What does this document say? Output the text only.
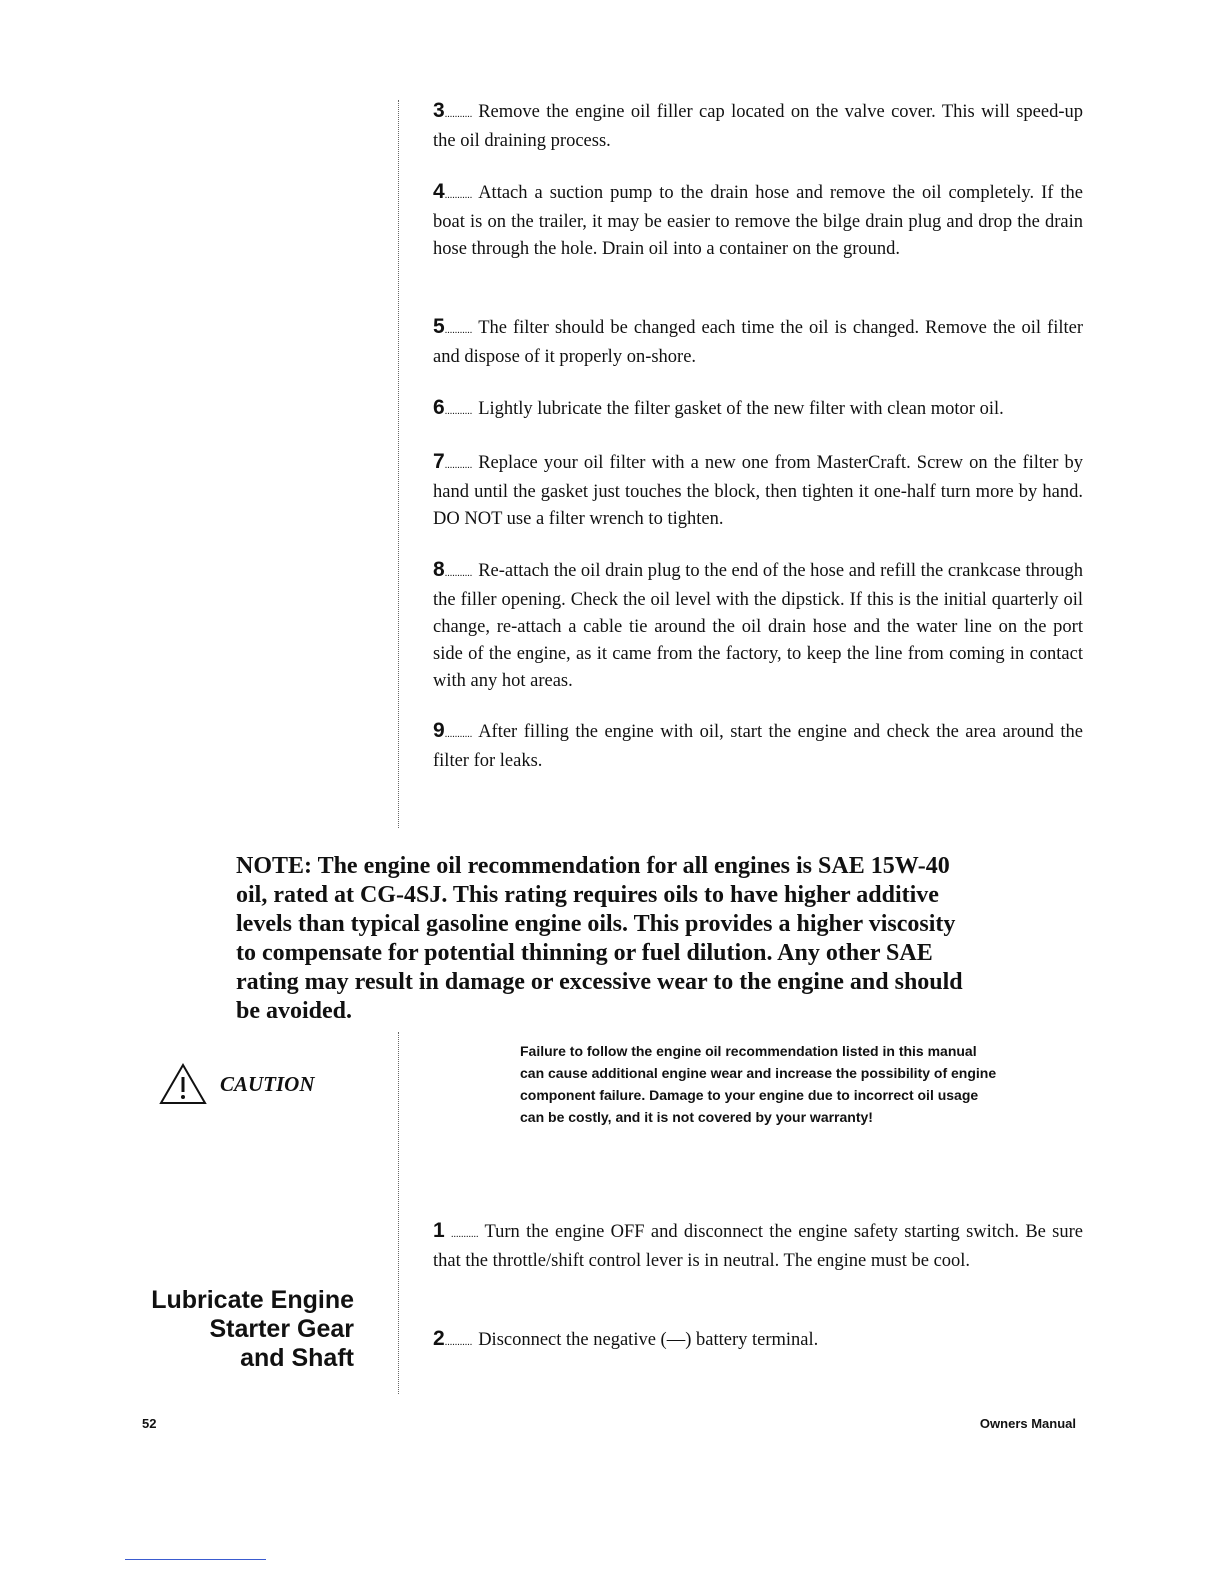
3........... Remove the engine oil filler cap located on the valve cover. This will speed-up the oil draining process.
4........... Attach a suction pump to the drain hose and remove the oil completely. If the boat is on the trailer, it may be easier to remove the bilge drain plug and drop the drain hose through the hole. Drain oil into a container on the ground.
5........... The filter should be changed each time the oil is changed. Remove the oil filter and dispose of it properly on-shore.
6........... Lightly lubricate the filter gasket of the new filter with clean motor oil.
7........... Replace your oil filter with a new one from MasterCraft. Screw on the filter by hand until the gasket just touches the block, then tighten it one-half turn more by hand. DO NOT use a filter wrench to tighten.
8........... Re-attach the oil drain plug to the end of the hose and refill the crankcase through the filler opening. Check the oil level with the dipstick. If this is the initial quarterly oil change, re-attach a cable tie around the oil drain hose and the water line on the port side of the engine, as it came from the factory, to keep the line from coming in contact with any hot areas.
9........... After filling the engine with oil, start the engine and check the area around the filter for leaks.
NOTE: The engine oil recommendation for all engines is SAE 15W-40 oil, rated at CG-4SJ. This rating requires oils to have higher additive levels than typical gasoline engine oils. This provides a higher viscosity to compensate for potential thinning or fuel dilution. Any other SAE rating may result in damage or excessive wear to the engine and should be avoided.
CAUTION
Failure to follow the engine oil recommendation listed in this manual can cause additional engine wear and increase the possibility of engine component failure. Damage to your engine due to incorrect oil usage can be costly, and it is not covered by your warranty!
Lubricate Engine
Starter Gear
and Shaft
1 ........... Turn the engine OFF and disconnect the engine safety starting switch. Be sure that the throttle/shift control lever is in neutral. The engine must be cool.
2........... Disconnect the negative (—) battery terminal.
52	Owners Manual
